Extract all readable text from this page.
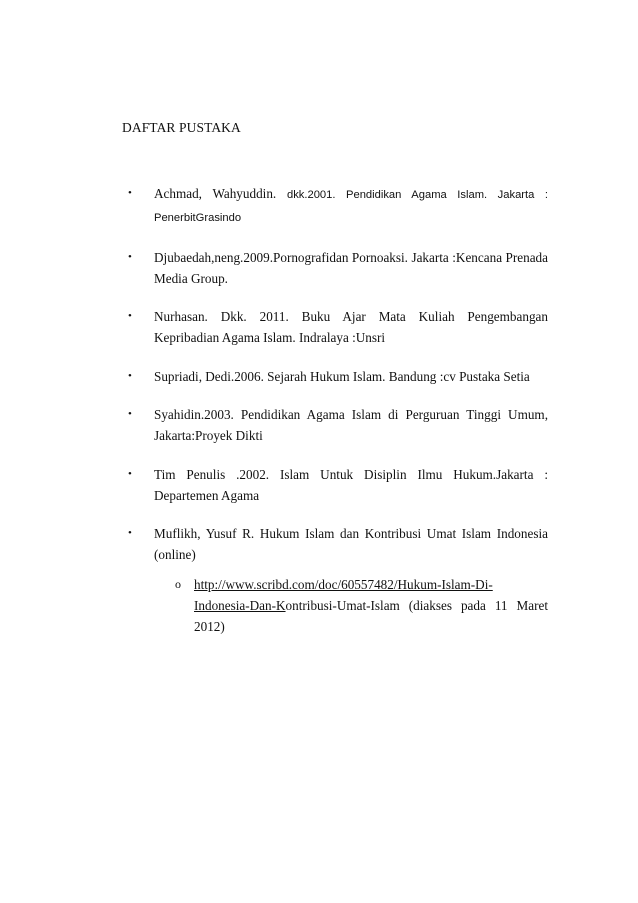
DAFTAR PUSTAKA
• Achmad, Wahyuddin. dkk.2001. Pendidikan Agama Islam. Jakarta : PenerbitGrasindo
• Djubaedah,neng.2009.Pornografidan Pornoaksi. Jakarta :Kencana Prenada Media Group.
• Nurhasan. Dkk. 2011. Buku Ajar Mata Kuliah Pengembangan Kepribadian Agama Islam. Indralaya :Unsri
• Supriadi, Dedi.2006. Sejarah Hukum Islam. Bandung :cv Pustaka Setia
• Syahidin.2003. Pendidikan Agama Islam di Perguruan Tinggi Umum, Jakarta:Proyek Dikti
• Tim Penulis .2002. Islam Untuk Disiplin Ilmu Hukum.Jakarta : Departemen Agama
• Muflikh, Yusuf R. Hukum Islam dan Kontribusi Umat Islam Indonesia (online)
o http://www.scribd.com/doc/60557482/Hukum-Islam-Di-Indonesia-Dan-Kontribusi-Umat-Islam (diakses pada 11 Maret 2012)
